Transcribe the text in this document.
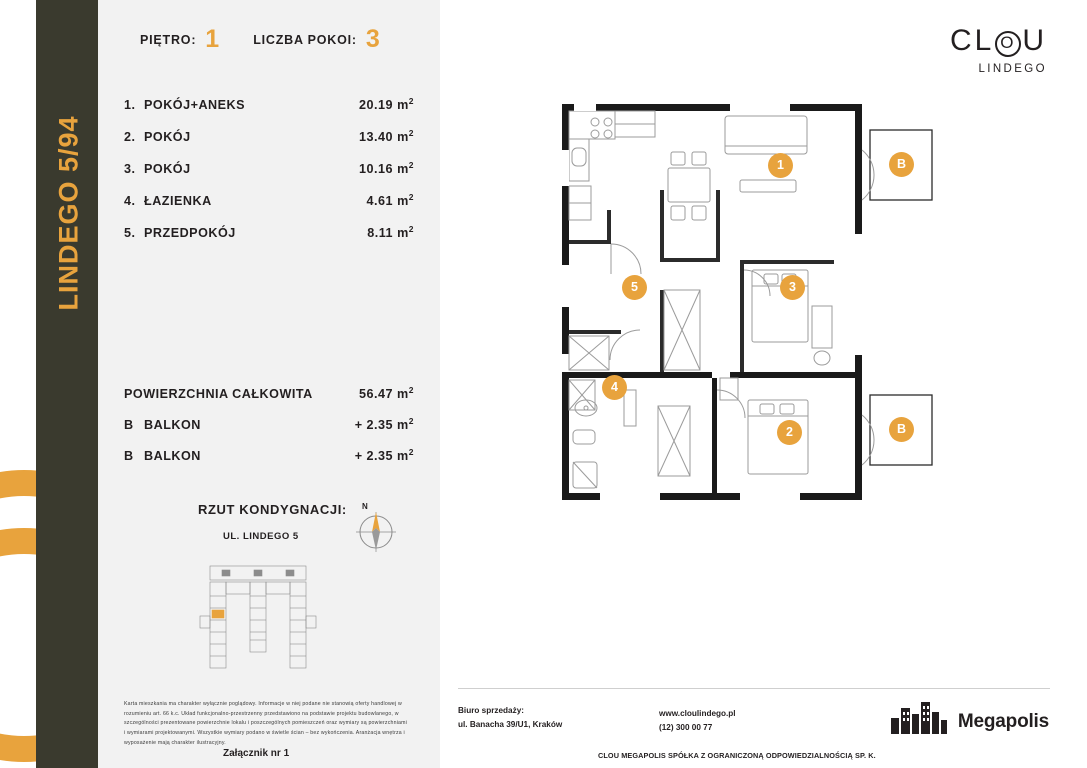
LINDEGO 5/94
PIĘTRO: 1	LICZBA POKOI: 3	CL O U
LINDEGO
1. POKÓJ+ANEKS	20.19 $m^2$
2. POKÓJ	13.40 $m^2$
3. POKÓJ	10.16 $m^2$
4. ŁAZIENKA	4.61 $m^2$
5. PRZEDPOKÓJ	8.11 $m^2$
POWIERZCHNIA CAŁKOWITA	56.47 $m^2$
B BALKON	+ 2.35 $m^2$
B BALKON	+ 2.35 $m^2$
RZUT KONDYGNACJI:
UL. LINDEGO 5
N
Karta mieszkania ma charakter wyłącznie poglądowy. Informacje w niej podane nie stanowią oferty handlowej w rozumieniu art. 66 k.c. Układ funkcjonalno-przestrzenny przedstawiono na podstawie projektu budowlanego, w szczególności prezentowane powierzchnie lokalu i poszczególnych pomieszczeń oraz wymiary są powierzchniami i wymiarami projektowanymi. Wszystkie wymiary podano w świetle ścian – bez wykończenia. Aranżacja wnętrza i wyposażenie mają charakter ilustracyjny.
Załącznik nr 1
1
3
5
4
2
B
B
Biuro sprzedaży:
ul. Banacha 39/U1, Kraków
www.cloulindego.pl
(12) 300 00 77
CLOU MEGAPOLIS SPÓŁKA Z OGRANICZONĄ ODPOWIEDZIALNOŚCIĄ SP. K.
Megapolis
